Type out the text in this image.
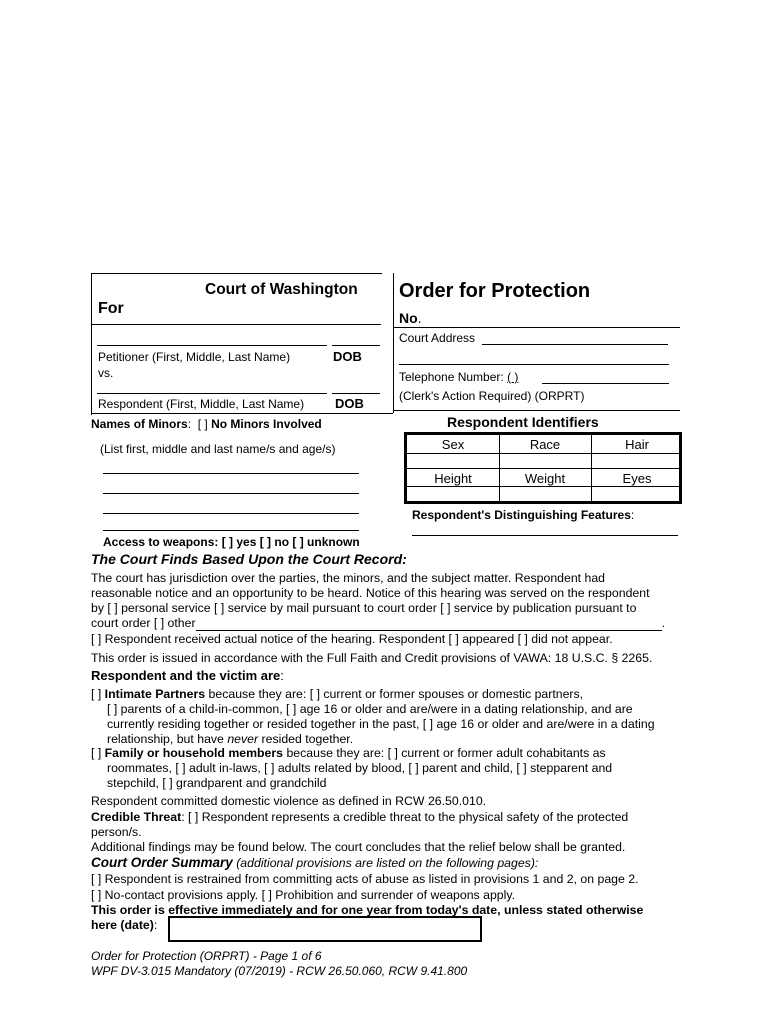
Court of Washington
For
Petitioner (First, Middle, Last Name)	DOB
vs.
Respondent (First, Middle, Last Name) DOB
Names of Minors: [ ] No Minors Involved
(List first, middle and last name/s and age/s)
Access to weapons: [ ] yes [ ] no [ ] unknown
Order for Protection
No.
Court Address
Telephone Number: ( )
(Clerk's Action Required) (ORPRT)
Respondent Identifiers
Sex	Race	Hair
Height	Weight	Eyes
Respondent's Distinguishing Features:
The Court Finds Based Upon the Court Record:

The court has jurisdiction over the parties, the minors, and the subject matter. Respondent had

reasonable notice and an opportunity to be heard. Notice of this hearing was served on the respondent

by [ ] personal service [ ] service by mail pursuant to court order [ ] service by publication pursuant to

court order [ ] other	.

[ ] Respondent received actual notice of the hearing. Respondent [ ] appeared [ ] did not appear.
This order is issued in accordance with the Full Faith and Credit provisions of VAWA: 18 U.S.C. § 2265.
Respondent and the victim are:

[ ] Intimate Partners because they are: [ ] current or former spouses or domestic partners,

[ ] parents of a child-in-common, [ ] age 16 or older and are/were in a dating relationship, and are

currently residing together or resided together in the past, [ ] age 16 or older and are/were in a dating

relationship, but have never resided together.

[ ] Family or household members because they are: [ ] current or former adult cohabitants as

roommates, [ ] adult in-laws, [ ] adults related by blood, [ ] parent and child, [ ] stepparent and

stepchild, [ ] grandparent and grandchild

Respondent committed domestic violence as defined in RCW 26.50.010.

Credible Threat: [ ] Respondent represents a credible threat to the physical safety of the protected

person/s.

Additional findings may be found below. The court concludes that the relief below shall be granted.
Court Order Summary (additional provisions are listed on the following pages):
[ ] Respondent is restrained from committing acts of abuse as listed in provisions 1 and 2, on page 2.
[ ] No-contact provisions apply. [ ] Prohibition and surrender of weapons apply.
This order is effective immediately and for one year from today's date, unless stated otherwise
here (date):
Order for Protection (ORPRT) - Page 1 of 6
WPF DV-3.015 Mandatory (07/2019) - RCW 26.50.060, RCW 9.41.800
